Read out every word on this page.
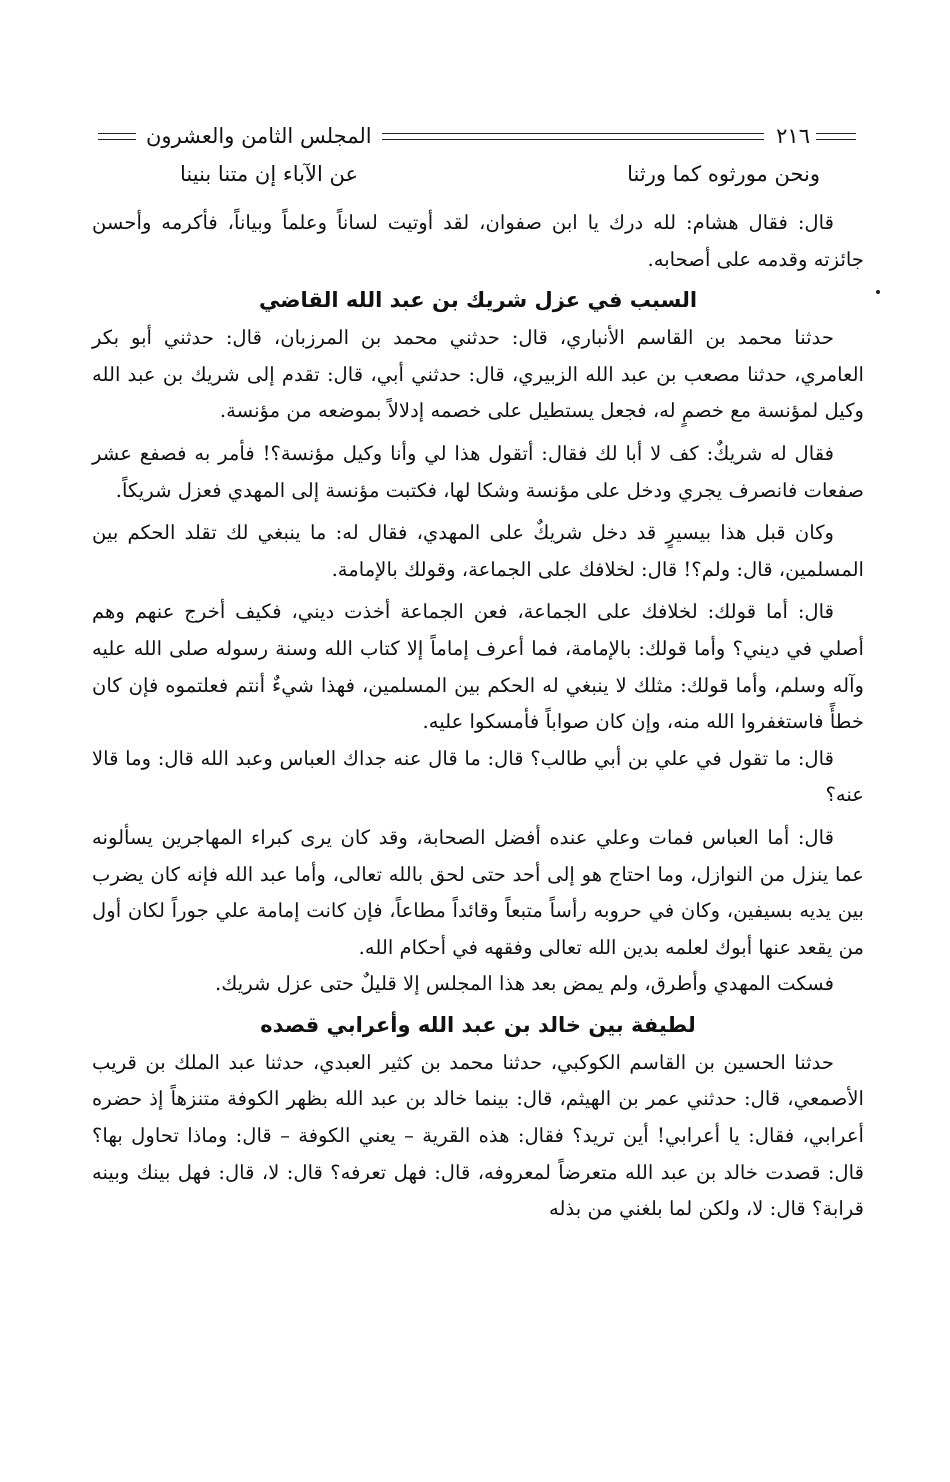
٢١٦
المجلس الثامن والعشرون
ونحن مورثوه كما ورثنا
عن الآباء إن متنا بنينا

قال: فقال هشام: لله درك يا ابن صفوان، لقد أوتيت لساناً وعلماً وبياناً، فأكرمه وأحسن جائزته وقدمه على أصحابه.

السبب في عزل شريك بن عبد الله القاضي

حدثنا محمد بن القاسم الأنباري، قال: حدثني محمد بن المرزبان، قال: حدثني أبو بكر العامري، حدثنا مصعب بن عبد الله الزبيري، قال: حدثني أبي، قال: تقدم إلى شريك بن عبد الله وكيل لمؤنسة مع خصمٍ له، فجعل يستطيل على خصمه إدلالاً بموضعه من مؤنسة.

فقال له شريكٌ: كف لا أبا لك فقال: أتقول هذا لي وأنا وكيل مؤنسة؟! فأمر به فصفع عشر صفعات فانصرف يجري ودخل على مؤنسة وشكا لها، فكتبت مؤنسة إلى المهدي فعزل شريكاً.

وكان قبل هذا بيسيرٍ قد دخل شريكٌ على المهدي، فقال له: ما ينبغي لك تقلد الحكم بين المسلمين، قال: ولم؟! قال: لخلافك على الجماعة، وقولك بالإمامة.

قال: أما قولك: لخلافك على الجماعة، فعن الجماعة أخذت ديني، فكيف أخرج عنهم وهم أصلي في ديني؟ وأما قولك: بالإمامة، فما أعرف إماماً إلا كتاب الله وسنة رسوله صلى الله عليه وآله وسلم، وأما قولك: مثلك لا ينبغي له الحكم بين المسلمين، فهذا شيءٌ أنتم فعلتموه فإن كان خطأً فاستغفروا الله منه، وإن كان صواباً فأمسكوا عليه.

قال: ما تقول في علي بن أبي طالب؟ قال: ما قال عنه جداك العباس وعبد الله قال: وما قالا عنه؟

قال: أما العباس فمات وعلي عنده أفضل الصحابة، وقد كان يرى كبراء المهاجرين يسألونه عما ينزل من النوازل، وما احتاج هو إلى أحد حتى لحق بالله تعالى، وأما عبد الله فإنه كان يضرب بين يديه بسيفين، وكان في حروبه رأساً متبعاً وقائداً مطاعاً، فإن كانت إمامة علي جوراً لكان أول من يقعد عنها أبوك لعلمه بدين الله تعالى وفقهه في أحكام الله.

فسكت المهدي وأطرق، ولم يمض بعد هذا المجلس إلا قليلٌ حتى عزل شريك.

لطيفة بين خالد بن عبد الله وأعرابي قصده

حدثنا الحسين بن القاسم الكوكبي، حدثنا محمد بن كثير العبدي، حدثنا عبد الملك بن قريب الأصمعي، قال: حدثني عمر بن الهيثم، قال: بينما خالد بن عبد الله بظهر الكوفة متنزهاً إذ حضره أعرابي، فقال: يا أعرابي! أين تريد؟ فقال: هذه القرية – يعني الكوفة – قال: وماذا تحاول بها؟ قال: قصدت خالد بن عبد الله متعرضاً لمعروفه، قال: فهل تعرفه؟ قال: لا، قال: فهل بينك وبينه قرابة؟ قال: لا، ولكن لما بلغني من بذله
